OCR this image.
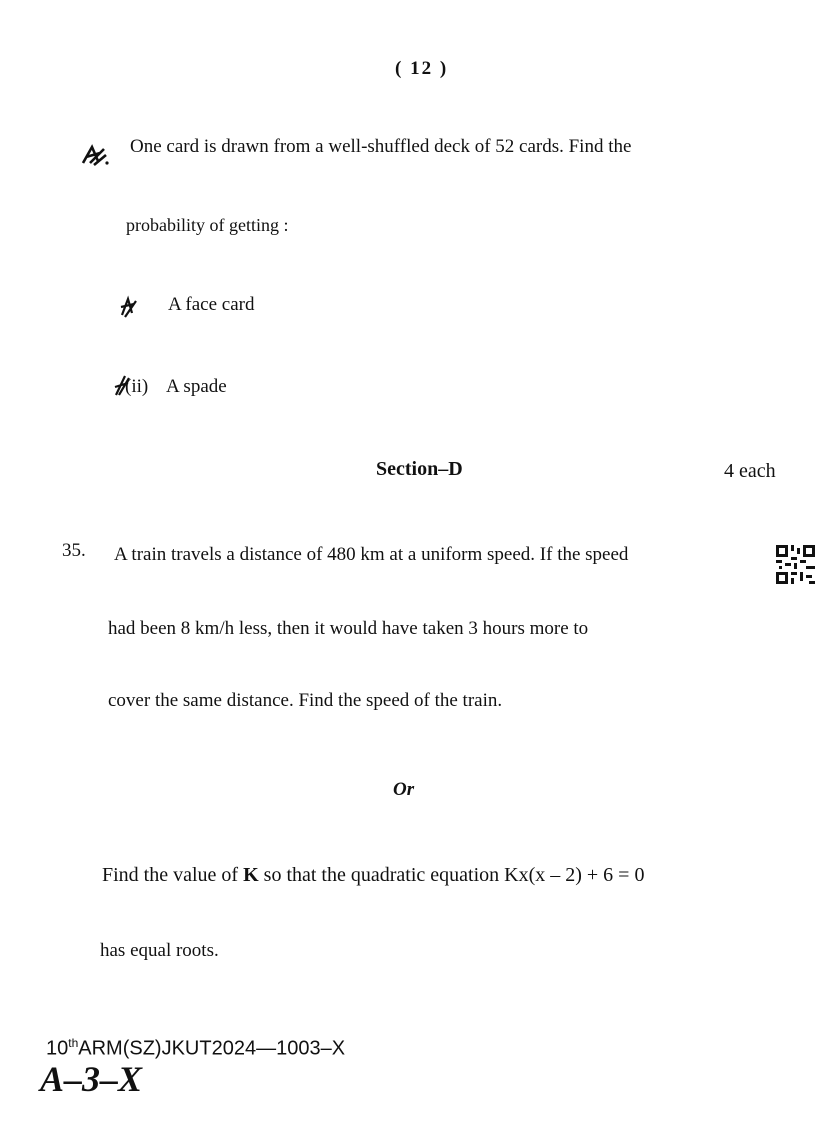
( 12 )
One card is drawn from a well-shuffled deck of 52 cards. Find the
probability of getting :
A face card
(ii) A spade
Section–D	4 each
35. A train travels a distance of 480 km at a uniform speed. If the speed
had been 8 km/h less, then it would have taken 3 hours more to
cover the same distance. Find the speed of the train.
Or
Find the value of K so that the quadratic equation Kx(x – 2) + 6 = 0
has equal roots.
10thARM(SZ)JKUT2024—1003–X
A–3–X
